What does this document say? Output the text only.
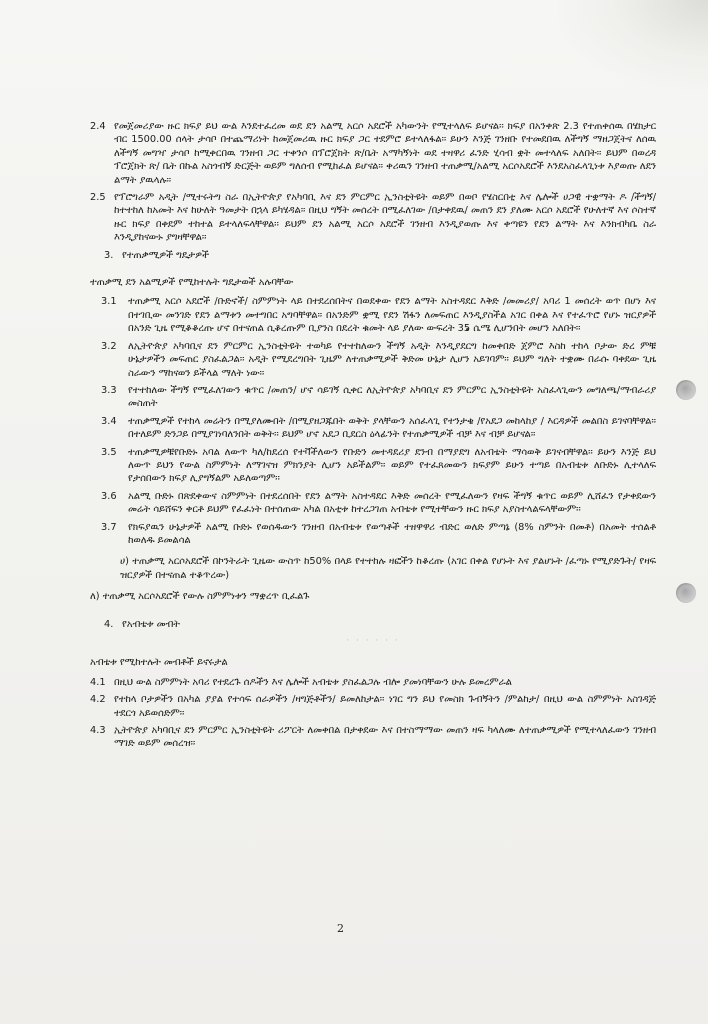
2.4 የመጀመሪያው ዙር ክፍያ ይህ ውል እንደተፈረመ ወደ ደን አልሚ አርሶ አደሮች አካውንት የሚተላለፍ ይሆናል፡፡ ክፍያ በአንቀጽ 2.3 የተጠቀሰዉ በሄክታር ብር 1500.00 ሰላት ታሳቦ በተጨማሪነት ከመጀመሪዉ ዙር ክፍያ ጋር ተደምሮ ይተላለፋል፡፡ ይሁን እንጅ ገንዘቡ የተመደበዉ ለችግኝ ማዘጋጀትና ለሰዉ ለችግኝ መግዣ ታሳቦ ከሚቀርበዉ ገንዘብ ጋር ተቀንሶ በፕሮጀክት ጽ/ቤት አማካኝነት ወደ ተዛዋሪ ፈንድ ሂሳብ ቋት መተላለፍ አለበት፡፡ ይህም በወረዳ ፕሮጀክት ጽ/ ቤት በኩል አስጎብኝ ድርጅት ወይም ግለሰብ የሚከፈል ይሆናል፡፡ ቀሪዉን ገንዘብ ተጠቃሚ/አልሚ አርሶአደሮች እንደአስፈላጊነቱ እያወጡ ለደን ልማት ያዉላሉ፡፡
2.5 የፕሮግራም አዲት /ሚተሩትግ ስራ በኢትዮጵያ የአካባቢ እና ደን ምርምር ኢንስቲትዩት ወይም በወቦ የሄስርበቲ እና ሌሎች ሀጋዊ ተቋማት ዶ /ችግኝ/ ከተተከለ ከአመት እና ከሁለት ዓመታት በኋላ ይካሄዳል፡፡ በዚህ ግኝት መሰረት በሚፈለገው /በታቀደዉ/ መጠን ደን ያለሙ አርሶ አደሮች የሁለተኛ እና ሶስተኛ ዙር ክፍያ በቀደም ተከተል ይተላለፍላቸዋል፡፡ ይህም ደን አልሚ አርሶ አደሮች ገንዘብ እንዲያወጡ እና ቀጣዩን የደን ልማት እና እንክብካቤ ስራ እንዲያከናውኑ ያግዛቸዋል፡፡
3. የተጠቃሚዎች ግዴታዎች
ተጠቃሚ ደን አልሚዎች የሚከተሉት ግዴታወች አሉባቸው
3.1	ተጠቃሚ አርሶ አደሮች /ቡድኖች/ ስምምነት ላይ በተደረሰበትና በወደቀው የደን ልማት አስተዳደር እቅድ /መመሪያ/ አባሪ 1 መሰረት ወጥ በሆነ እና በተገቢው መንገድ የደን ልማቱን መተግበር አግባቸዋል፡፡ በአንድም ቋሚ የደን ሽፋን ለመፍጠር እንዲያስችል አገር በቀል እና የተፈጥሮ የሆኑ ዝርያዎች በአንድ ጊዜ የሚቆቆረጡ ሆኖ በተናጠል ሲቆረጡም ቢያንስ በደረት ቁመት ላይ ያለው ውፍረት 35 ሴሜ ሊሆንበት መሆን አለበት፡፡
3.2	ለኢትዮጵያ አካባቢና ደን ምርምር ኢንስቲትዩት ተወካይ የተተከለውን ችግኝ አዲት እንዲያደርግ ከመቀበድ ጀምሮ እስከ ተከላ ቦታው ድረ ምቹ ሁኔታዎችን መፍጠር ያስፈልጋል፡፡ አዲት የሚደረግበት ጊዜም ለተጠቃሚዎች ቅድመ ሁኔታ ሊሆን አይገባም፡፡ ይህም ግለት ተቋሙ በራሱ ባቀደው ጊዜ ስራውን ማከናወን ይችላል ማለት ነው፡፡
3.3	የተተከለው ችግኝ የሚፈለገውን ቁጥር /መጠን/ ሆኖ ሳይገኝ ሲቀር ለኢትዮጵያ አካባቢና ደን ምርምር ኢንስቲትዩት አስፈላጊውን መግለጫ/ማብራሪያ መስጠት
3.4	ተጠቃሚዎች የተከላ መሬትን በሚያለሙበት /በሚያዘጋጁበት ወቅት ያላቸውን አሰፈላጊ የተንታቄ /የአደጋ መከላከያ / እርዳዎች መልበስ ይገናባቸዋል፡፡ በተለይም ድንጋይ በሚያገነባለንበት ወቅት፡፡ ይህም ሆኖ አደጋ ቢደርስ ዕላፊንት የተጠቃሚዎች ብቻ እና ብቻ ይሆናል፡፡
3.5	ተጠቃሚዎቹየቡድኑ አባል ለውጥ ካለ/ከደረሰ የተቫችለውን የቡድን መተዳደሪያ ደንብ በማያደግ ለአብቴት ማሳወቅ ይገናብቸዋል፡፡ ይሁን እንጅ ይህ ለውጥ ይህን የውል ስምምነት ለማገናዝ ምክንያት ሊሆን አይችልም፡፡ ወይም የተፈጸመውን ክፍያም ይሁን ተጣይ በአብቴቱ ለቡድኑ ሊተላለፍ የታሰበውን ክፍያ ሊያግኝልም አይለወጣም፡፡
3.6	አልሚ ቡድኑ በጽደቀውና ስምምነት በተደረሰበት የደን ልማት አስተዳደር እቅድ መሰረት የሚፈለውን የዛፍ ችግኝ ቁጥር ወይም ሊሸፈን የታቀደውን መሬት ሳይሸፍን ቀርቶ ይህም የፈፈነት በተሰጠው አካል በአቲቱ ከተረጋገጠ አብቴቱ የሚተቸውን ዙር ክፍያ አያስተላልፍላቸውም፡፡
3.7	የክፍያዉን ሁኔታዎች አልሚ ቡድኑ የወሰዱውን ገንዘብ በአብቴቱ የወጣቶች ተዘዋዋሪ ብድር ወለድ ምጣኔ (8% ስምንት በመቶ) በአመት ተሰልቶ ከወለዱ ይመልሳል
ሀ) ተጠቃሚ አርሶአደሮች በኮንትራት ጊዜው ውስጥ ከ50% በላይ የተተከሉ ዛፎችን ከቆረጡ (አገር በቀል የሆኑት እና ያልሆኑት /ፈጣኑ የሚያድጉት/ የዛፍ ዝርያዎች በተናጠል ተቆጥረው)
ለ) ተጠቃሚ አርሶአደሮች የውሉ ስምምነቱን ማቋረጥ ቢፈልጉ
4. የአብቴቱ መብት
· · · · · ·
አብቴቱ የሚከተሉት መብቶች ይኖሩታል
4.1 በዚህ ውል ስምምነት አባሪ የተደረጉ ሰዶችን እና ሌሎች አብቴቱ ያስፈልጋሉ ብሎ ያመነባቸውን ሁሉ ይመረምራል
4.2 የተከላ ቦታዎችን በአካል ያያል የተሳፍ ሰራዎችን /ዛግጅቶችን/ ይመለከታል፡፡ ነገር ግን ይህ የመስክ ጉብኝትን /ምልከታ/ በዚህ ውል ስምምነት አስገዳጅ ተደርጎ አይወሰድም፡፡
4.3 ኢትዮጵያ አካባቢና ደን ምርምር ኢንስቲትዩት ሪፖርት ለመቀበል በታቀደው እና በተስማማው መጠን ዛፍ ካላለሙ ለተጠቃሚዎች የሚተላለፈውን ገንዘብ ማገድ ወይም መሰረዝ፡፡
2
